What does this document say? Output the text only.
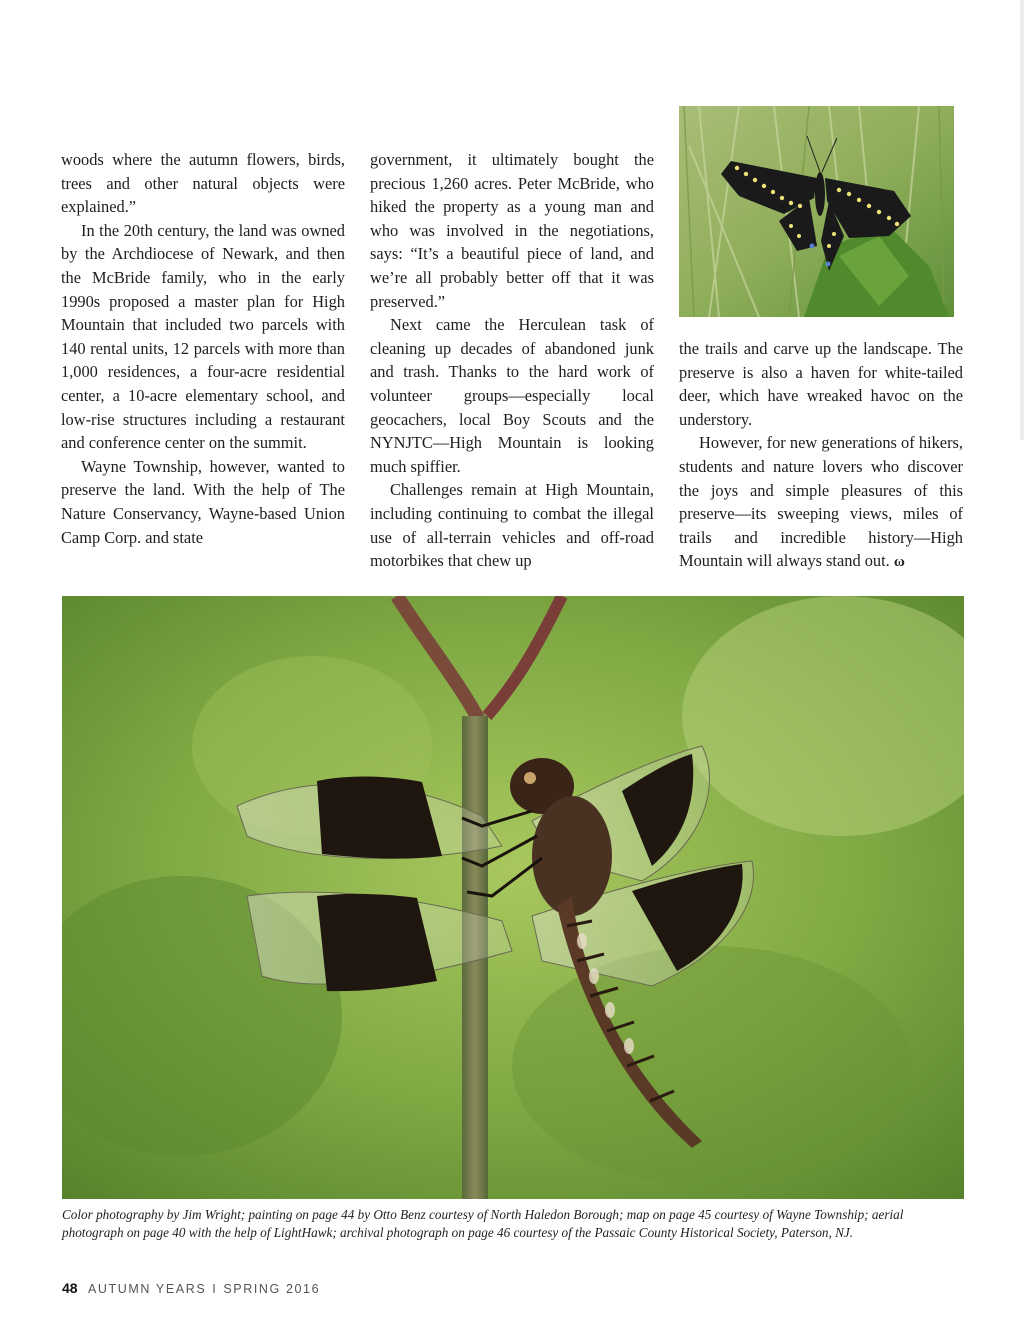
woods where the autumn flowers, birds, trees and other natural objects were explained.”

In the 20th century, the land was owned by the Archdiocese of Newark, and then the McBride family, who in the early 1990s proposed a master plan for High Mountain that included two parcels with 140 rental units, 12 parcels with more than 1,000 residences, a four-acre residential center, a 10-acre elementary school, and low-rise structures including a restaurant and conference center on the summit.

Wayne Township, however, wanted to preserve the land. With the help of The Nature Conservancy, Wayne-based Union Camp Corp. and state

government, it ultimately bought the precious 1,260 acres. Peter McBride, who hiked the property as a young man and who was involved in the negotiations, says: “It’s a beautiful piece of land, and we’re all probably better off that it was preserved.”

Next came the Herculean task of cleaning up decades of abandoned junk and trash. Thanks to the hard work of volunteer groups—especially local geocachers, local Boy Scouts and the NYNJTC—High Mountain is looking much spiffier.

Challenges remain at High Mountain, including continuing to combat the illegal use of all-terrain vehicles and off-road motorbikes that chew up

the trails and carve up the landscape. The preserve is also a haven for white-tailed deer, which have wreaked havoc on the understory.

However, for new generations of hikers, students and nature lovers who discover the joys and simple pleasures of this preserve—its sweeping views, miles of trails and incredible history—High Mountain will always stand out. ω

Color photography by Jim Wright; painting on page 44 by Otto Benz courtesy of North Haledon Borough; map on page 45 courtesy of Wayne Township; aerial photograph on page 40 with the help of LightHawk; archival photograph on page 46 courtesy of the Passaic County Historical Society, Paterson, NJ.
48 AUTUMN YEARS I SPRING 2016
